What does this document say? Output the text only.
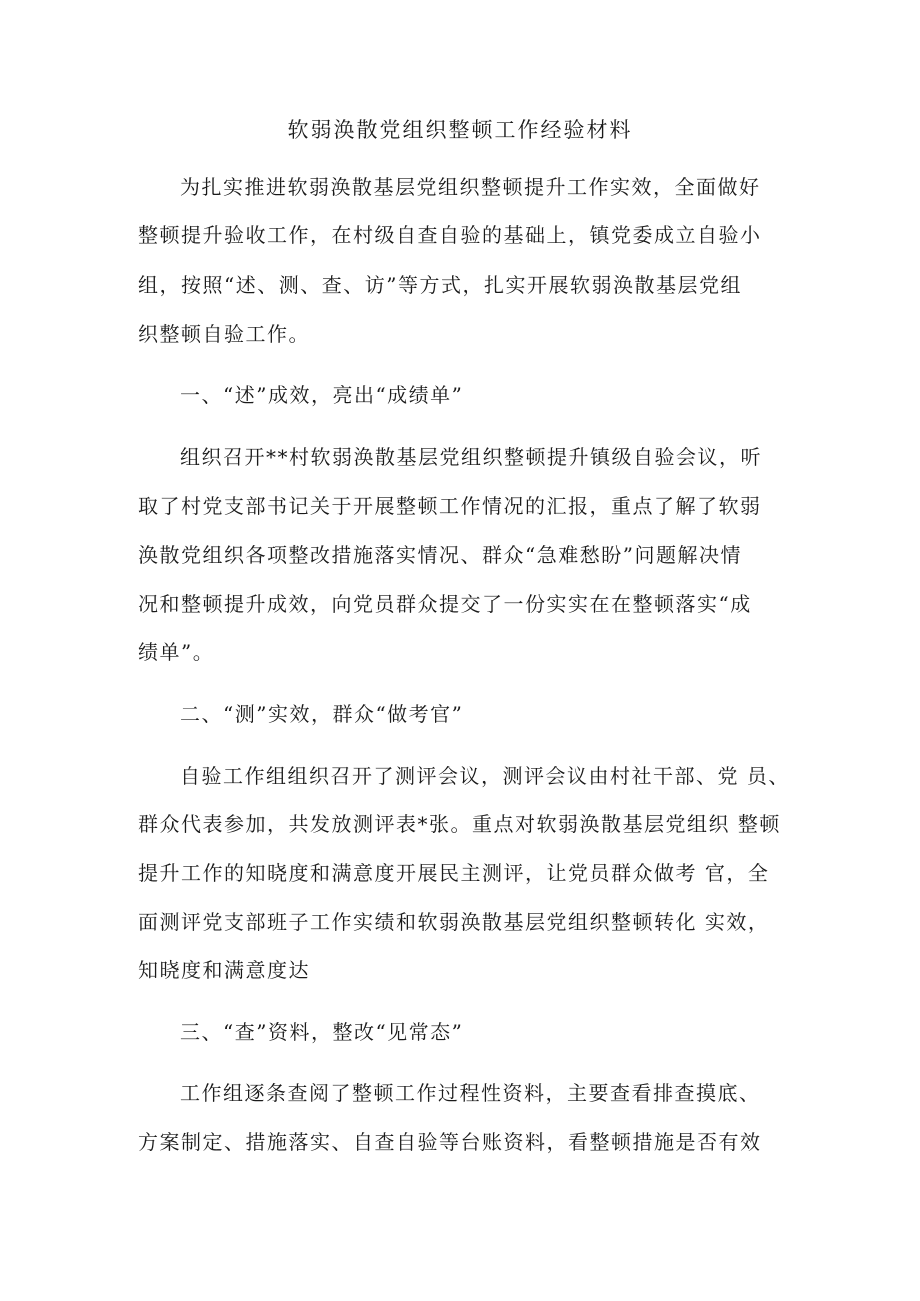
软弱涣散党组织整顿工作经验材料
为扎实推进软弱涣散基层党组织整顿提升工作实效，全面做好
整顿提升验收工作，在村级自查自验的基础上，镇党委成立自验小
组，按照“述、测、查、访”等方式，扎实开展软弱涣散基层党组
织整顿自验工作。
一、“述”成效，亮出“成绩单”
组织召开**村软弱涣散基层党组织整顿提升镇级自验会议，听
取了村党支部书记关于开展整顿工作情况的汇报，重点了解了软弱
涣散党组织各项整改措施落实情况、群众“急难愁盼”问题解决情
况和整顿提升成效，向党员群众提交了一份实实在在整顿落实“成
绩单”。
二、“测”实效，群众“做考官”
自验工作组组织召开了测评会议，测评会议由村社干部、党 员、
群众代表参加，共发放测评表*张。重点对软弱涣散基层党组织 整顿
提升工作的知晓度和满意度开展民主测评，让党员群众做考 官，全
面测评党支部班子工作实绩和软弱涣散基层党组织整顿转化 实效，
知晓度和满意度达
三、“查”资料，整改“见常态”
工作组逐条查阅了整顿工作过程性资料，主要查看排查摸底、
方案制定、措施落实、自查自验等台账资料，看整顿措施是否有效
